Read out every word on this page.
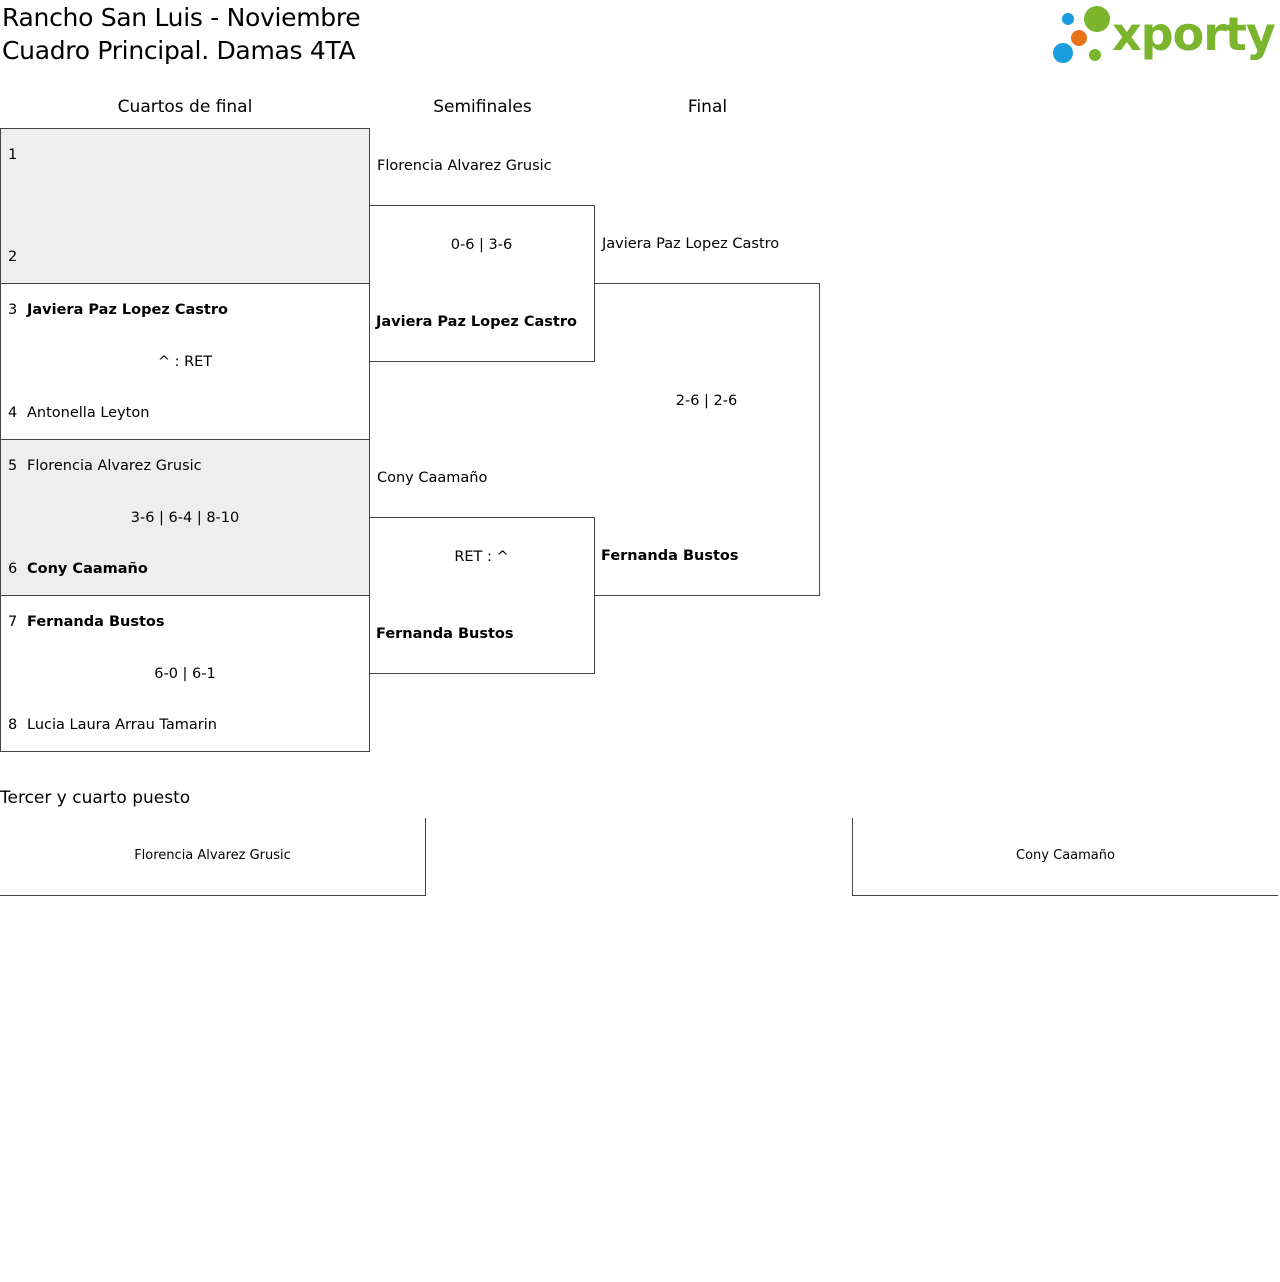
Rancho San Luis - Noviembre
Cuadro Principal. Damas 4TA	xporty
Cuartos de final	Semifinales	Final
1
2
3 Javiera Paz Lopez Castro
^ : RET
4 Antonella Leyton
5 Florencia Alvarez Grusic
3-6 | 6-4 | 8-10
6 Cony Caamaño
7 Fernanda Bustos
6-0 | 6-1
8 Lucia Laura Arrau Tamarin
Florencia Alvarez Grusic
0-6 | 3-6
Javiera Paz Lopez Castro
Cony Caamaño
RET : ^
Fernanda Bustos
Javiera Paz Lopez Castro
2-6 | 2-6
Fernanda Bustos
Tercer y cuarto puesto
Florencia Alvarez Grusic	Cony Caamaño
